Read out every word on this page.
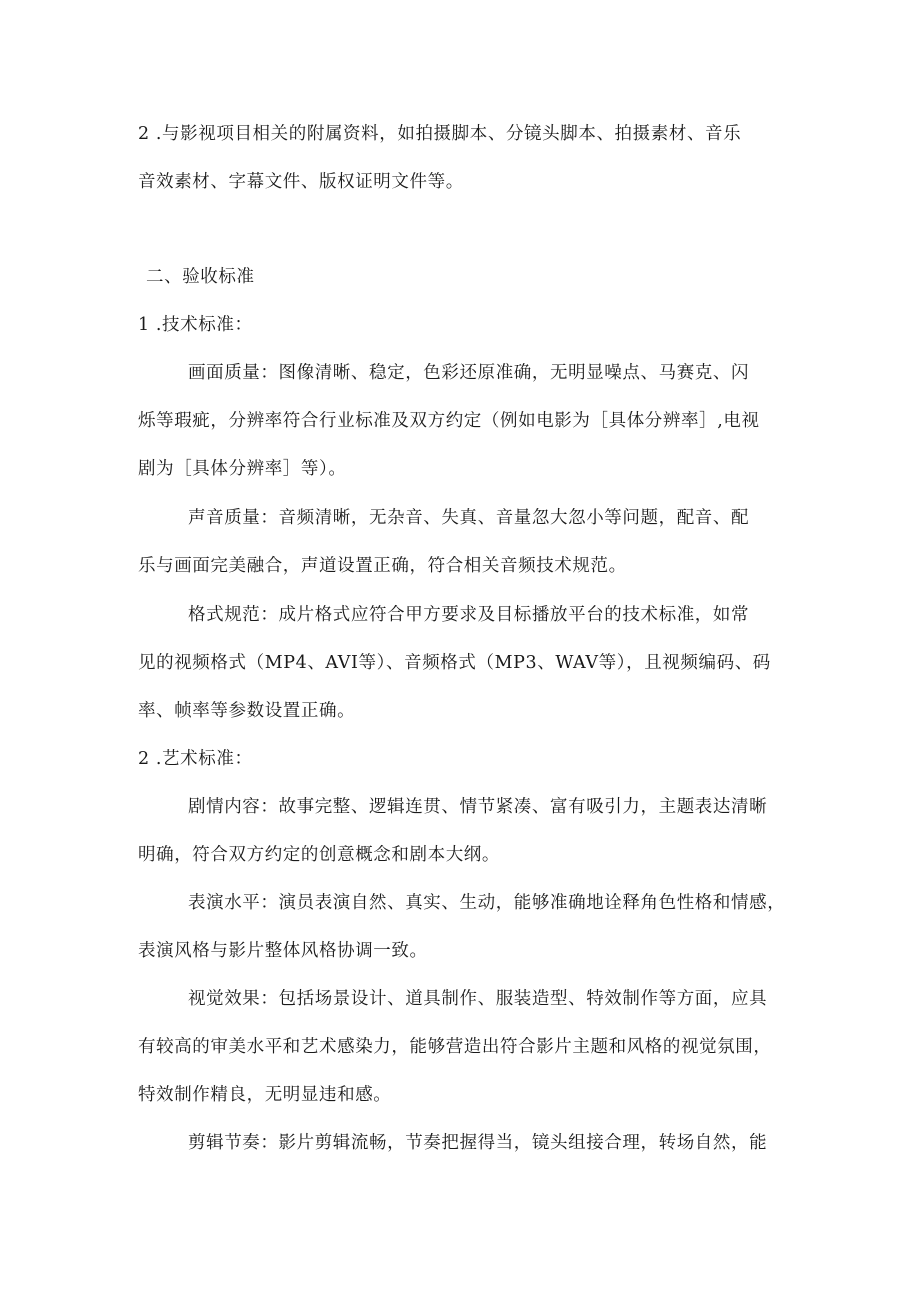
2 .与影视项目相关的附属资料，如拍摄脚本、分镜头脚本、拍摄素材、音乐
音效素材、字幕文件、版权证明文件等。
二、验收标准
1 .技术标准：
画面质量：图像清晰、稳定，色彩还原准确，无明显噪点、马赛克、闪
烁等瑕疵，分辨率符合行业标准及双方约定（例如电影为［具体分辨率］,电视
剧为［具体分辨率］等）。
声音质量：音频清晰，无杂音、失真、音量忽大忽小等问题，配音、配
乐与画面完美融合，声道设置正确，符合相关音频技术规范。
格式规范：成片格式应符合甲方要求及目标播放平台的技术标准，如常
见的视频格式（MP4、AVI等）、音频格式（MP3、WAV等），且视频编码、码
率、帧率等参数设置正确。
2 .艺术标准：
剧情内容：故事完整、逻辑连贯、情节紧凑、富有吸引力，主题表达清晰
明确，符合双方约定的创意概念和剧本大纲。
表演水平：演员表演自然、真实、生动，能够准确地诠释角色性格和情感，
表演风格与影片整体风格协调一致。
视觉效果：包括场景设计、道具制作、服装造型、特效制作等方面，应具
有较高的审美水平和艺术感染力，能够营造出符合影片主题和风格的视觉氛围，
特效制作精良，无明显违和感。
剪辑节奏：影片剪辑流畅，节奏把握得当，镜头组接合理，转场自然，能
